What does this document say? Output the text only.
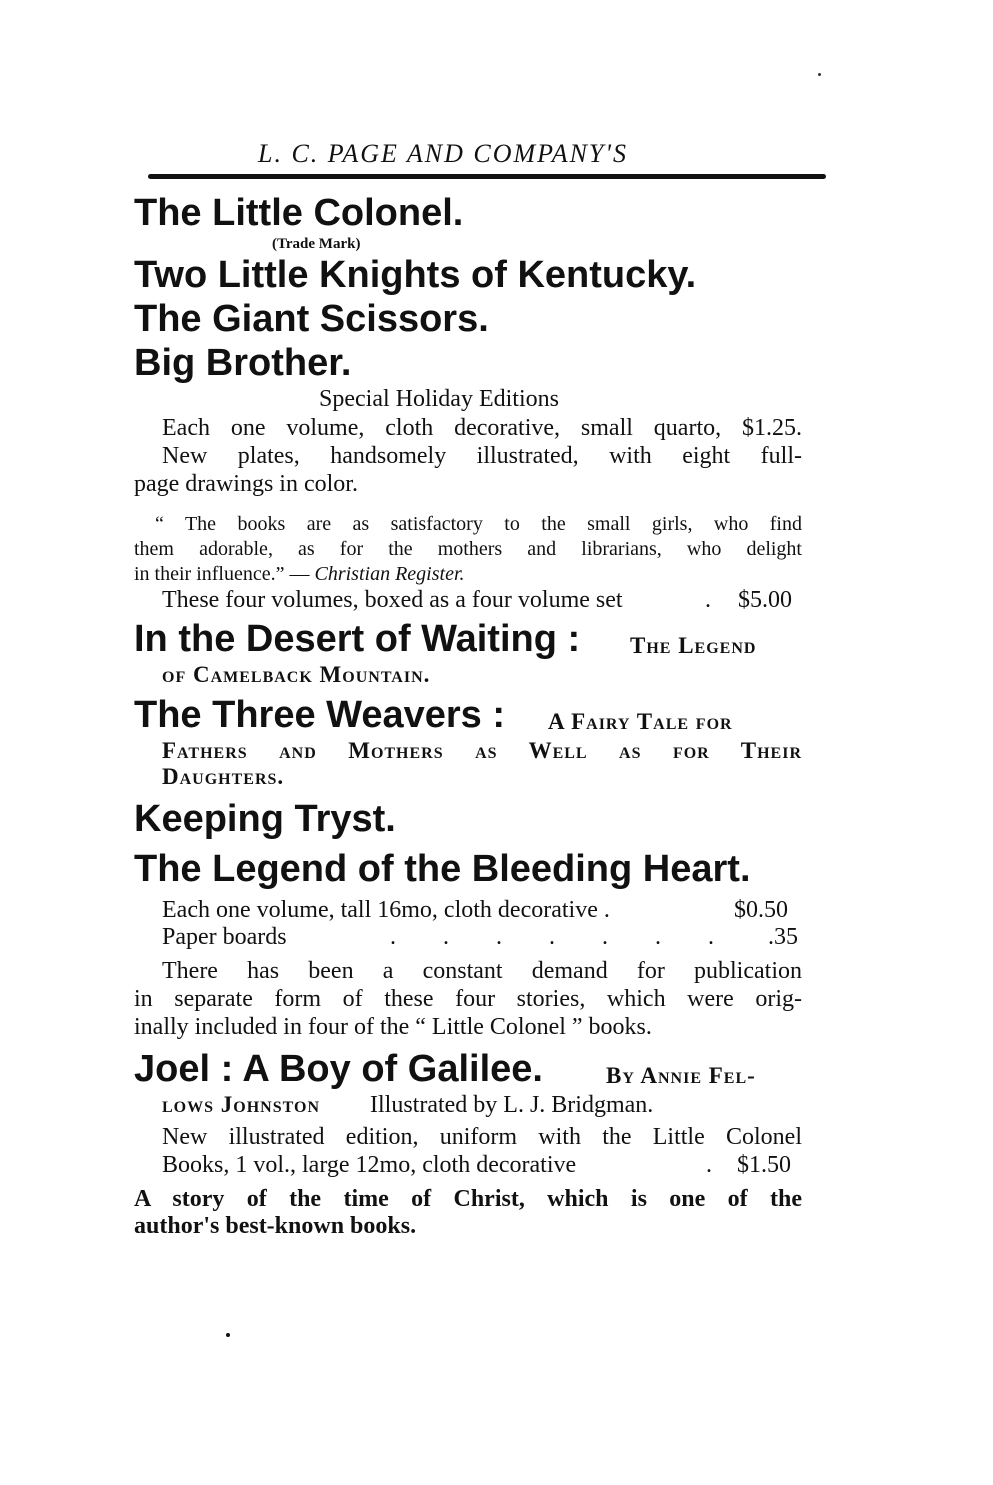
L. C. PAGE AND COMPANY'S
The Little Colonel.
(Trade Mark)
Two Little Knights of Kentucky.
The Giant Scissors.
Big Brother.
Special Holiday Editions
Each one volume, cloth decorative, small quarto, $1.25.
New plates, handsomely illustrated, with eight full-
page drawings in color.
“ The books are as satisfactory to the small girls, who find
them adorable, as for the mothers and librarians, who delight
in their influence.” — Christian Register.
These four volumes, boxed as a four volume set	. $5.00
In the Desert of Waiting : The Legend
of Camelback Mountain.
The Three Weavers : A Fairy Tale for
Fathers and Mothers as Well as for Their
Daughters.
Keeping Tryst.
The Legend of the Bleeding Heart.
Each one volume, tall 16mo, cloth decorative .	$0.50
Paper boards	....... .35
There has been a constant demand for publication
in separate form of these four stories, which were orig-
inally included in four of the “ Little Colonel ” books.
Joel : A Boy of Galilee.	By Annie Fel-
lows Johnston Illustrated by L. J. Bridgman.
New illustrated edition, uniform with the Little Colonel
Books, 1 vol., large 12mo, cloth decorative	. $1.50
A story of the time of Christ, which is one of the
author's best-known books.
